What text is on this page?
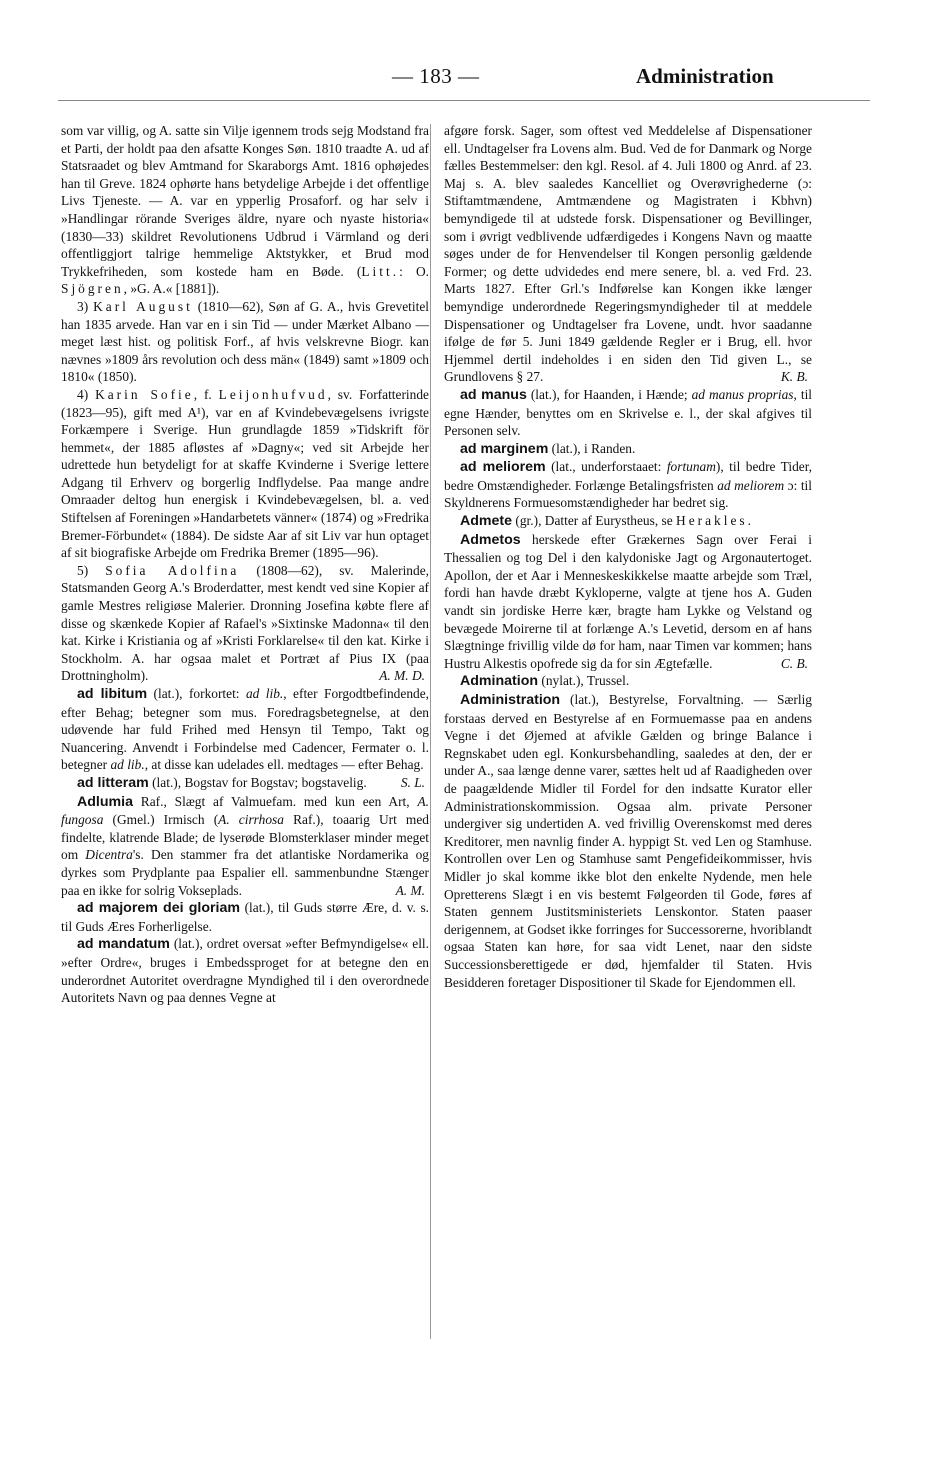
— 183 —	Administration

som var villig, og A. satte sin Vilje igennem trods sejg Modstand fra et Parti, der holdt paa den afsatte Konges Søn. 1810 traadte A. ud af Statsraadet og blev Amtmand for Skaraborgs Amt. 1816 ophøjedes han til Greve. 1824 ophørte hans betydelige Arbejde i det offentlige Livs Tjeneste. — A. var en ypperlig Prosaforf. og har selv i »Handlingar rörande Sveriges äldre, nyare och nyaste historia« (1830—33) skildret Revolutionens Udbrud i Värmland og deri offentliggjort talrige hemmelige Aktstykker, et Brud mod Trykkefriheden, som kostede ham en Bøde. (Litt.: O. Sjögren, »G. A.« [1881]).

3) Karl August (1810—62), Søn af G. A., hvis Grevetitel han 1835 arvede. Han var en i sin Tid — under Mærket Albano — meget læst hist. og politisk Forf., af hvis velskrevne Biogr. kan nævnes »1809 års revolution och dess män« (1849) samt »1809 och 1810« (1850).

4) Karin Sofie, f. Leijonhufvud, sv. Forfatterinde (1823—95), gift med A¹), var en af Kvindebevægelsens ivrigste Forkæmpere i Sverige. Hun grundlagde 1859 »Tidskrift för hemmet«, der 1885 afløstes af »Dagny«; ved sit Arbejde her udrettede hun betydeligt for at skaffe Kvinderne i Sverige lettere Adgang til Erhverv og borgerlig Indflydelse. Paa mange andre Omraader deltog hun energisk i Kvindebevægelsen, bl. a. ved Stiftelsen af Foreningen »Handarbetets vänner« (1874) og »Fredrika Bremer-Förbundet« (1884). De sidste Aar af sit Liv var hun optaget af sit biografiske Arbejde om Fredrika Bremer (1895—96).

5) Sofia Adolfina (1808—62), sv. Malerinde, Statsmanden Georg A.'s Broderdatter, mest kendt ved sine Kopier af gamle Mestres religiøse Malerier. Dronning Josefina købte flere af disse og skænkede Kopier af Rafael's »Sixtinske Madonna« til den kat. Kirke i Kristiania og af »Kristi Forklarelse« til den kat. Kirke i Stockholm. A. har ogsaa malet et Portræt af Pius IX (paa Drottningholm).	A. M. D.

ad libitum (lat.), forkortet: ad lib., efter Forgodtbefindende, efter Behag; betegner som mus. Foredragsbetegnelse, at den udøvende har fuld Frihed med Hensyn til Tempo, Takt og Nuancering. Anvendt i Forbindelse med Cadencer, Fermater o. l. betegner ad lib., at disse kan udelades ell. medtages — efter Behag.
S. L.

ad litteram (lat.), Bogstav for Bogstav; bogstavelig.

Adlumia Raf., Slægt af Valmuefam. med kun een Art, A. fungosa (Gmel.) Irmisch (A. cirrhosa Raf.), toaarig Urt med findelte, klatrende Blade; de lyserøde Blomsterklaser minder meget om Dicentra's. Den stammer fra det atlantiske Nordamerika og dyrkes som Prydplante paa Espalier ell. sammenbundne Stænger paa en ikke for solrig Vokseplads.	A. M.

ad majorem dei gloriam (lat.), til Guds større Ære, d. v. s. til Guds Æres Forherligelse.

ad mandatum (lat.), ordret oversat »efter Befmyndigelse« ell. »efter Ordre«, bruges i Embedssproget for at betegne den en underordnet Autoritet overdragne Myndighed til i den overordnede Autoritets Navn og paa dennes Vegne at

afgøre forsk. Sager, som oftest ved Meddelelse af Dispensationer ell. Undtagelser fra Lovens alm. Bud. Ved de for Danmark og Norge fælles Bestemmelser: den kgl. Resol. af 4. Juli 1800 og Anrd. af 23. Maj s. A. blev saaledes Kancelliet og Overøvrighederne (ɔ: Stiftamtmændene, Amtmændene og Magistraten i Kbhvn) bemyndigede til at udstede forsk. Dispensationer og Bevillinger, som i øvrigt vedblivende udfærdigedes i Kongens Navn og maatte søges under de for Henvendelser til Kongen personlig gældende Former; og dette udvidedes end mere senere, bl. a. ved Frd. 23. Marts 1827. Efter Grl.'s Indførelse kan Kongen ikke længer bemyndige underordnede Regeringsmyndigheder til at meddele Dispensationer og Undtagelser fra Lovene, undt. hvor saadanne ifølge de før 5. Juni 1849 gældende Regler er i Brug, ell. hvor Hjemmel dertil indeholdes i en siden den Tid given L., se Grundlovens § 27.	K. B.

ad manus (lat.), for Haanden, i Hænde; ad manus proprias, til egne Hænder, benyttes om en Skrivelse e. l., der skal afgives til Personen selv.

ad marginem (lat.), i Randen.

ad meliorem (lat., underforstaaet: fortunam), til bedre Tider, bedre Omstændigheder. Forlænge Betalingsfristen ad meliorem ɔ: til Skyldnerens Formuesomstændigheder har bedret sig.

Admete (gr.), Datter af Eurystheus, se Herakles.

Admetos herskede efter Grækernes Sagn over Ferai i Thessalien og tog Del i den kalydoniske Jagt og Argonautertoget. Apollon, der et Aar i Menneskeskikkelse maatte arbejde som Træl, fordi han havde dræbt Kykloperne, valgte at tjene hos A. Guden vandt sin jordiske Herre kær, bragte ham Lykke og Velstand og bevægede Moirerne til at forlænge A.'s Levetid, dersom en af hans Slægtninge frivillig vilde dø for ham, naar Timen var kommen; hans Hustru Alkestis opofrede sig da for sin Ægtefælle.	C. B.

Admination (nylat.), Trussel.

Administration (lat.), Bestyrelse, Forvaltning. — Særlig forstaas derved en Bestyrelse af en Formuemasse paa en andens Vegne i det Øjemed at afvikle Gælden og bringe Balance i Regnskabet uden egl. Konkursbehandling, saaledes at den, der er under A., saa længe denne varer, sættes helt ud af Raadigheden over de paagældende Midler til Fordel for den indsatte Kurator eller Administrationskommission. Ogsaa alm. private Personer undergiver sig undertiden A. ved frivillig Overenskomst med deres Kreditorer, men navnlig finder A. hyppigt St. ved Len og Stamhuse. Kontrollen over Len og Stamhuse samt Pengefideikommisser, hvis Midler jo skal komme ikke blot den enkelte Nydende, men hele Opretterens Slægt i en vis bestemt Følgeorden til Gode, føres af Staten gennem Justitsministeriets Lenskontor. Staten paaser derigennem, at Godset ikke forringes for Successorerne, hvoriblandt ogsaa Staten kan høre, for saa vidt Lenet, naar den sidste Successionsberettigede er død, hjemfalder til Staten. Hvis Besidderen foretager Dispositioner til Skade for Ejendommen ell.
